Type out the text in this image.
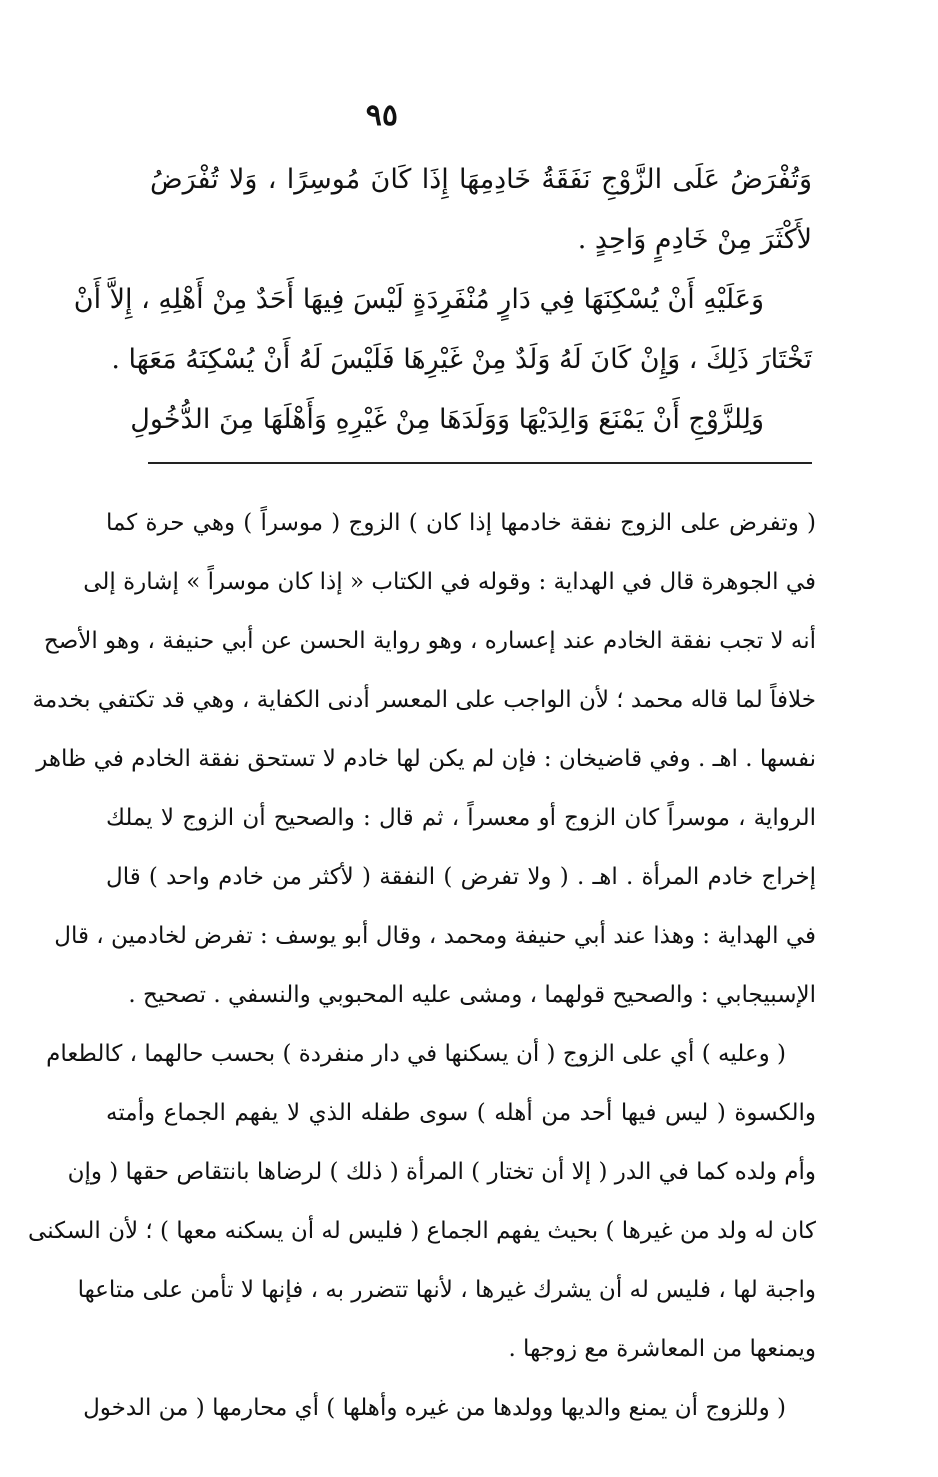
٩٥
وَتُفْرَضُ عَلَى الزَّوْجِ نَفَقَةُ خَادِمِهَا إِذَا كَانَ مُوسِرًا ، وَلا تُفْرَضُ
لأَكْثَرَ مِنْ خَادِمٍ وَاحِدٍ .
وَعَلَيْهِ أَنْ يُسْكِنَهَا فِي دَارٍ مُنْفَرِدَةٍ لَيْسَ فِيهَا أَحَدٌ مِنْ أَهْلِهِ ، إِلاَّ أَنْ
تَخْتَارَ ذَلِكَ ، وَإِنْ كَانَ لَهُ وَلَدٌ مِنْ غَيْرِهَا فَلَيْسَ لَهُ أَنْ يُسْكِنَهُ مَعَهَا .
وَلِلزَّوْجِ أَنْ يَمْنَعَ وَالِدَيْهَا وَوَلَدَهَا مِنْ غَيْرِهِ وَأَهْلَهَا مِنَ الدُّخُولِ
( وتفرض على الزوج نفقة خادمها إذا كان ) الزوج ( موسراً ) وهي حرة كما
في الجوهرة قال في الهداية : وقوله في الكتاب « إذا كان موسراً » إشارة إلى
أنه لا تجب نفقة الخادم عند إعساره ، وهو رواية الحسن عن أبي حنيفة ، وهو الأصح
خلافاً لما قاله محمد ؛ لأن الواجب على المعسر أدنى الكفاية ، وهي قد تكتفي بخدمة
نفسها . اهـ . وفي قاضيخان : فإن لم يكن لها خادم لا تستحق نفقة الخادم في ظاهر
الرواية ، موسراً كان الزوج أو معسراً ، ثم قال : والصحيح أن الزوج لا يملك
إخراج خادم المرأة . اهـ . ( ولا تفرض ) النفقة ( لأكثر من خادم واحد ) قال
في الهداية : وهذا عند أبي حنيفة ومحمد ، وقال أبو يوسف : تفرض لخادمين ، قال
الإسبيجابي : والصحيح قولهما ، ومشى عليه المحبوبي والنسفي . تصحيح .
( وعليه ) أي على الزوج ( أن يسكنها في دار منفردة ) بحسب حالهما ، كالطعام
والكسوة ( ليس فيها أحد من أهله ) سوى طفله الذي لا يفهم الجماع وأمته
وأم ولده كما في الدر ( إلا أن تختار ) المرأة ( ذلك ) لرضاها بانتقاص حقها ( وإن
كان له ولد من غيرها ) بحيث يفهم الجماع ( فليس له أن يسكنه معها ) ؛ لأن السكنى
واجبة لها ، فليس له أن يشرك غيرها ، لأنها تتضرر به ، فإنها لا تأمن على متاعها
ويمنعها من المعاشرة مع زوجها .
( وللزوج أن يمنع والديها وولدها من غيره وأهلها ) أي محارمها ( من الدخول
